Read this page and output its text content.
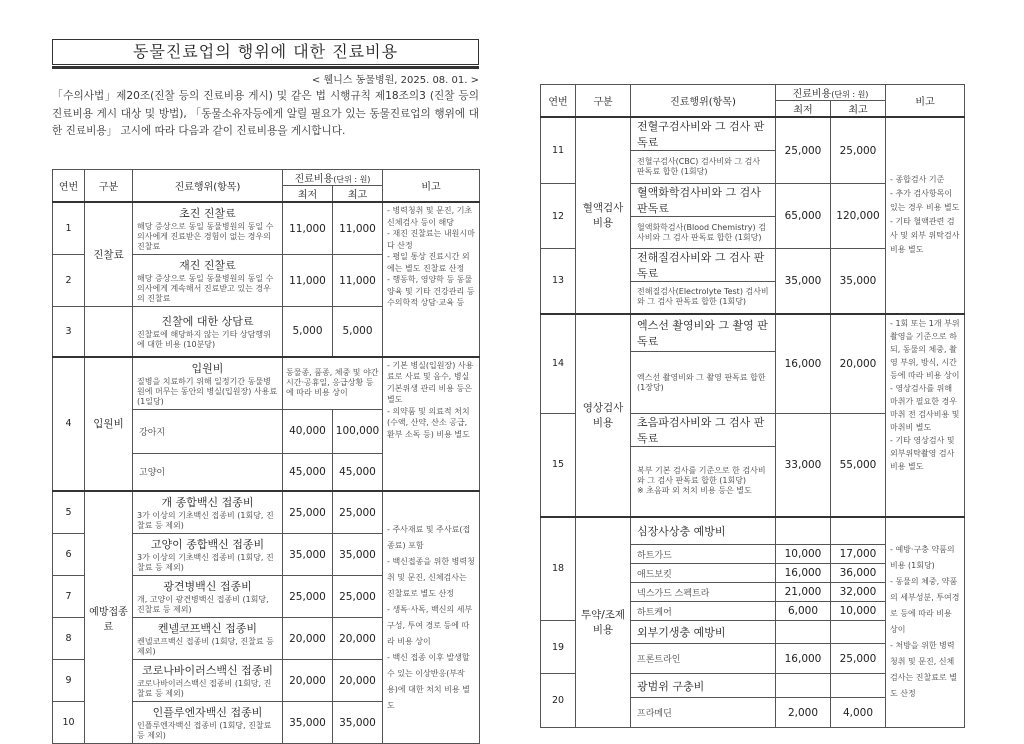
동물진료업의 행위에 대한 진료비용
< 웰니스 동물병원, 2025. 08. 01. >
「수의사법」제20조(진찰 등의 진료비용 게시) 및 같은 법 시행규칙 제18조의3 (진찰 등의 진료비용 게시 대상 및 방법), 「동물소유자등에게 알릴 필요가 있는 동물진료업의 행위에 대한 진료비용」 고시에 따라 다음과 같이 진료비용을 게시합니다.
연번	구분	진료행위(항목)	진료비용(단위 : 원)		비고
			최저	최고	
1	진찰료	초진 진찰료
해당 증상으로 동일 동물병원의 동일 수의사에게 진료받은 경험이 없는 경우의 진찰료	11,000	11,000	- 병력청취 및 문진, 기초신체검사 등이 해당
- 재진 진찰료는 내원시마다 산정
- 평일 통상 진료시간 외에는 별도 진찰료 산정
- 행동학, 영양학 등 동물 양육 및 기타 건강관리 등 수의학적 상담·교육 등
2		재진 진찰료
해당 증상으로 동일 동물병원의 동일 수의사에게 계속해서 진료받고 있는 경우의 진찰료	11,000	11,000	
3		진찰에 대한 상담료
진찰료에 해당하지 않는 기타 상담행위에 대한 비용 (10분당)	5,000	5,000	
4	입원비	입원비
질병을 치료하기 위해 일정기간 동물병원에 머무는 동안의 병실(입원장) 사용료 (1일당)	동물종, 품종, 체중 및 야간시간·공휴일, 응급상황 등에 따라 비용 상이		- 기본 병실(입원장) 사용료로 사료 및 음수, 병실 기본위생 관리 비용 등은 별도
- 의약품 및 의료적 처치(수액, 산약, 산소 공급, 환부 소독 등) 비용 별도
		강아지	40,000	100,000	
		고양이	45,000	45,000	
5	예방접종료	개 종합백신 접종비
3가 이상의 기초백신 접종비 (1회당, 진찰료 등 제외)	25,000	25,000	- 주사재료 및 주사료(접종료) 포함
- 백신접종을 위한 병력청취 및 문진, 신체검사는 진찰료로 별도 산정
- 생독·사독, 백신의 세부 구성, 투여 경로 등에 따라 비용 상이
- 백신 접종 이후 발생할 수 있는 이상반응(부작용)에 대한 처치 비용 별도
6		고양이 종합백신 접종비
3가 이상의 기초백신 접종비 (1회당, 진찰료 등 제외)	35,000	35,000	
7		광견병백신 접종비
개, 고양이 광견병백신 접종비 (1회당, 진찰료 등 제외)	25,000	25,000	
8		켄넬코프백신 접종비
켄넬코프백신 접종비 (1회당, 진찰료 등 제외)	20,000	20,000	
9		코로나바이러스백신 접종비
코로나바이러스백신 접종비 (1회당, 진찰료 등 제외)	20,000	20,000	
10		인플루엔자백신 접종비
인플루엔자백신 접종비 (1회당, 진찰료 등 제외)	35,000	35,000	
연번	구분	진료행위(항목)	진료비용(단위 : 원)		비고
			최저	최고	
11	혈액검사 비용	전혈구검사비와 그 검사 판독료	25,000	25,000	- 종합검사 기준
- 추가 검사항목이 있는 경우 비용 별도
- 기타 혈액관련 검사 및 외부 위탁검사 비용 별도
		전혈구검사(CBC) 검사비와 그 검사 판독료 합한 (1회당)			
12		혈액화학검사비와 그 검사 판독료	65,000	120,000	
		혈액화학검사(Blood Chemistry) 검사비와 그 검사 판독료 합한 (1회당)			
13		전해질검사비와 그 검사 판독료	35,000	35,000	
		전해질검사(Electrolyte Test) 검사비와 그 검사 판독료 합한 (1회당)			
14	영상검사 비용	엑스선 촬영비와 그 촬영 판독료	16,000	20,000	- 1회 또는 1개 부위 촬영을 기준으로 하되, 동물의 체중, 촬영 부위, 방식, 시간 등에 따라 비용 상이
- 영상검사를 위해 마취가 필요한 경우 마취 전 검사비용 및 마취비 별도
- 기타 영상검사 및 외부위탁촬영 검사 비용 별도
		엑스선 촬영비와 그 촬영 판독료 합한 (1장당)			
15		초음파검사비와 그 검사 판독료	33,000	55,000	
		복부 기본 검사를 기준으로 한 검사비와 그 검사 판독료 합한 (1회당)
※ 초음파 외 처치 비용 등은 별도			
18	투약/조제 비용	심장사상충 예방비			- 예방·구충 약품의 비용 (1회당)
- 동물의 체중, 약품의 세부성분, 투여경로 등에 따라 비용 상이
- 처방을 위한 병력청취 및 문진, 신체검사는 진찰료로 별도 산정
		하트가드	10,000	17,000	
		애드보킷	16,000	36,000	
		넥스가드 스펙트라	21,000	32,000	
		하트케어	6,000	10,000	
19		외부기생충 예방비			
		프론트라인	16,000	25,000	
20		광범위 구충비			
		프라메딘	2,000	4,000	
